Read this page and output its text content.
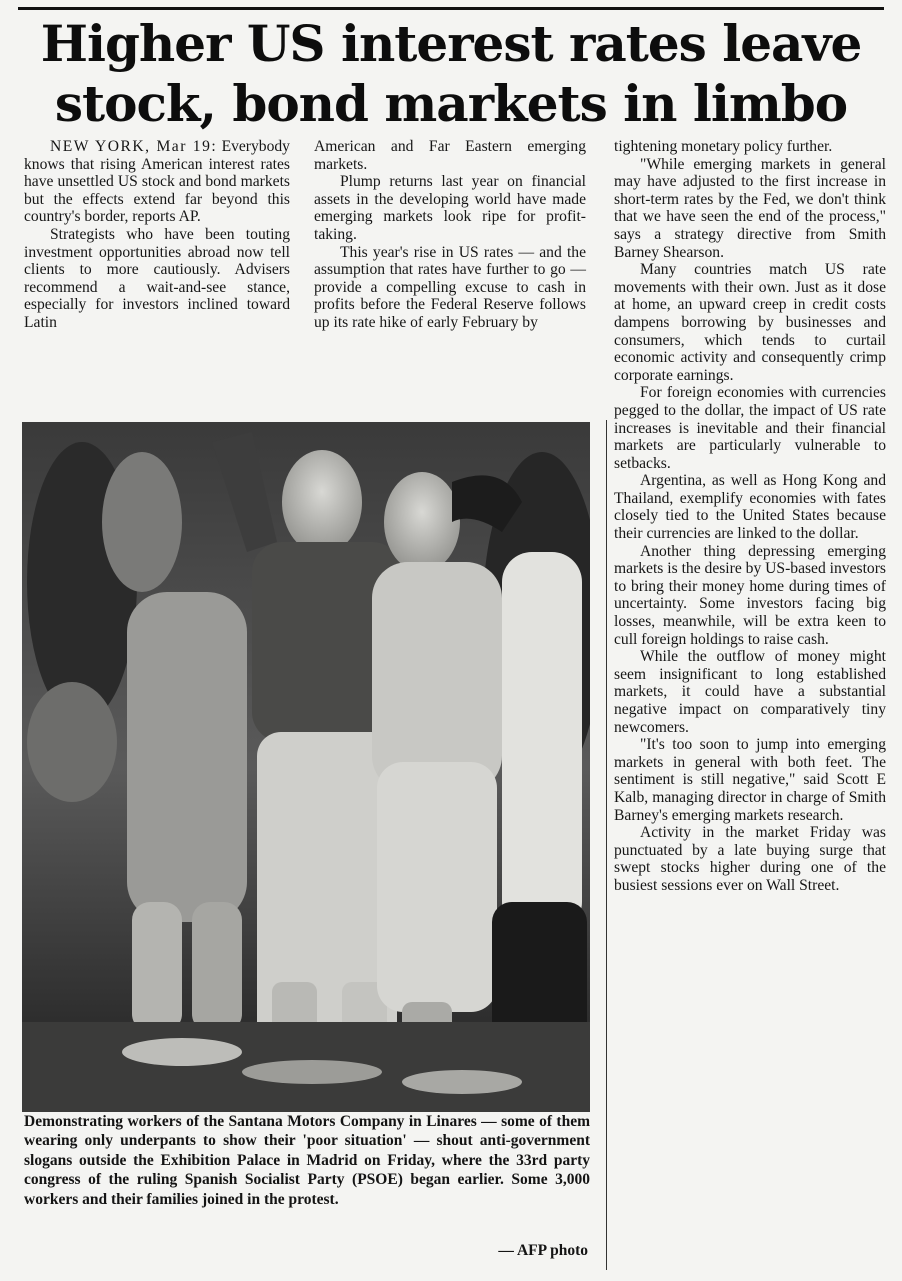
Higher US interest rates leave
stock, bond markets in limbo

NEW YORK, Mar 19: Everybody knows that rising American interest rates have unsettled US stock and bond markets but the effects extend far beyond this country's border, reports AP.

Strategists who have been touting investment opportunities abroad now tell clients to more cautiously. Advisers recommend a wait-and-see stance, especially for investors inclined toward Latin

American and Far Eastern emerging markets.

Plump returns last year on financial assets in the developing world have made emerging markets look ripe for profit-taking.

This year's rise in US rates — and the assumption that rates have further to go — provide a compelling excuse to cash in profits before the Federal Reserve follows up its rate hike of early February by

tightening monetary policy further.

"While emerging markets in general may have adjusted to the first increase in short-term rates by the Fed, we don't think that we have seen the end of the process," says a strategy directive from Smith Barney Shearson.

Many countries match US rate movements with their own. Just as it dose at home, an upward creep in credit costs dampens borrowing by businesses and consumers, which tends to curtail economic activity and consequently crimp corporate earnings.

For foreign economies with currencies pegged to the dollar, the impact of US rate increases is inevitable and their financial markets are particularly vulnerable to setbacks.

Argentina, as well as Hong Kong and Thailand, exemplify economies with fates closely tied to the United States because their currencies are linked to the dollar.

Another thing depressing emerging markets is the desire by US-based investors to bring their money home during times of uncertainty. Some investors facing big losses, meanwhile, will be extra keen to cull foreign holdings to raise cash.

While the outflow of money might seem insignificant to long established markets, it could have a substantial negative impact on comparatively tiny newcomers.

"It's too soon to jump into emerging markets in general with both feet. The sentiment is still negative," said Scott E Kalb, managing director in charge of Smith Barney's emerging markets research.

Activity in the market Friday was punctuated by a late buying surge that swept stocks higher during one of the busiest sessions ever on Wall Street.

Demonstrating workers of the Santana Motors Company in Linares — some of them wearing only underpants to show their 'poor situation' — shout anti-government slogans outside the Exhibition Palace in Madrid on Friday, where the 33rd party congress of the ruling Spanish Socialist Party (PSOE) began earlier. Some 3,000 workers and their families joined in the protest.
— AFP photo
